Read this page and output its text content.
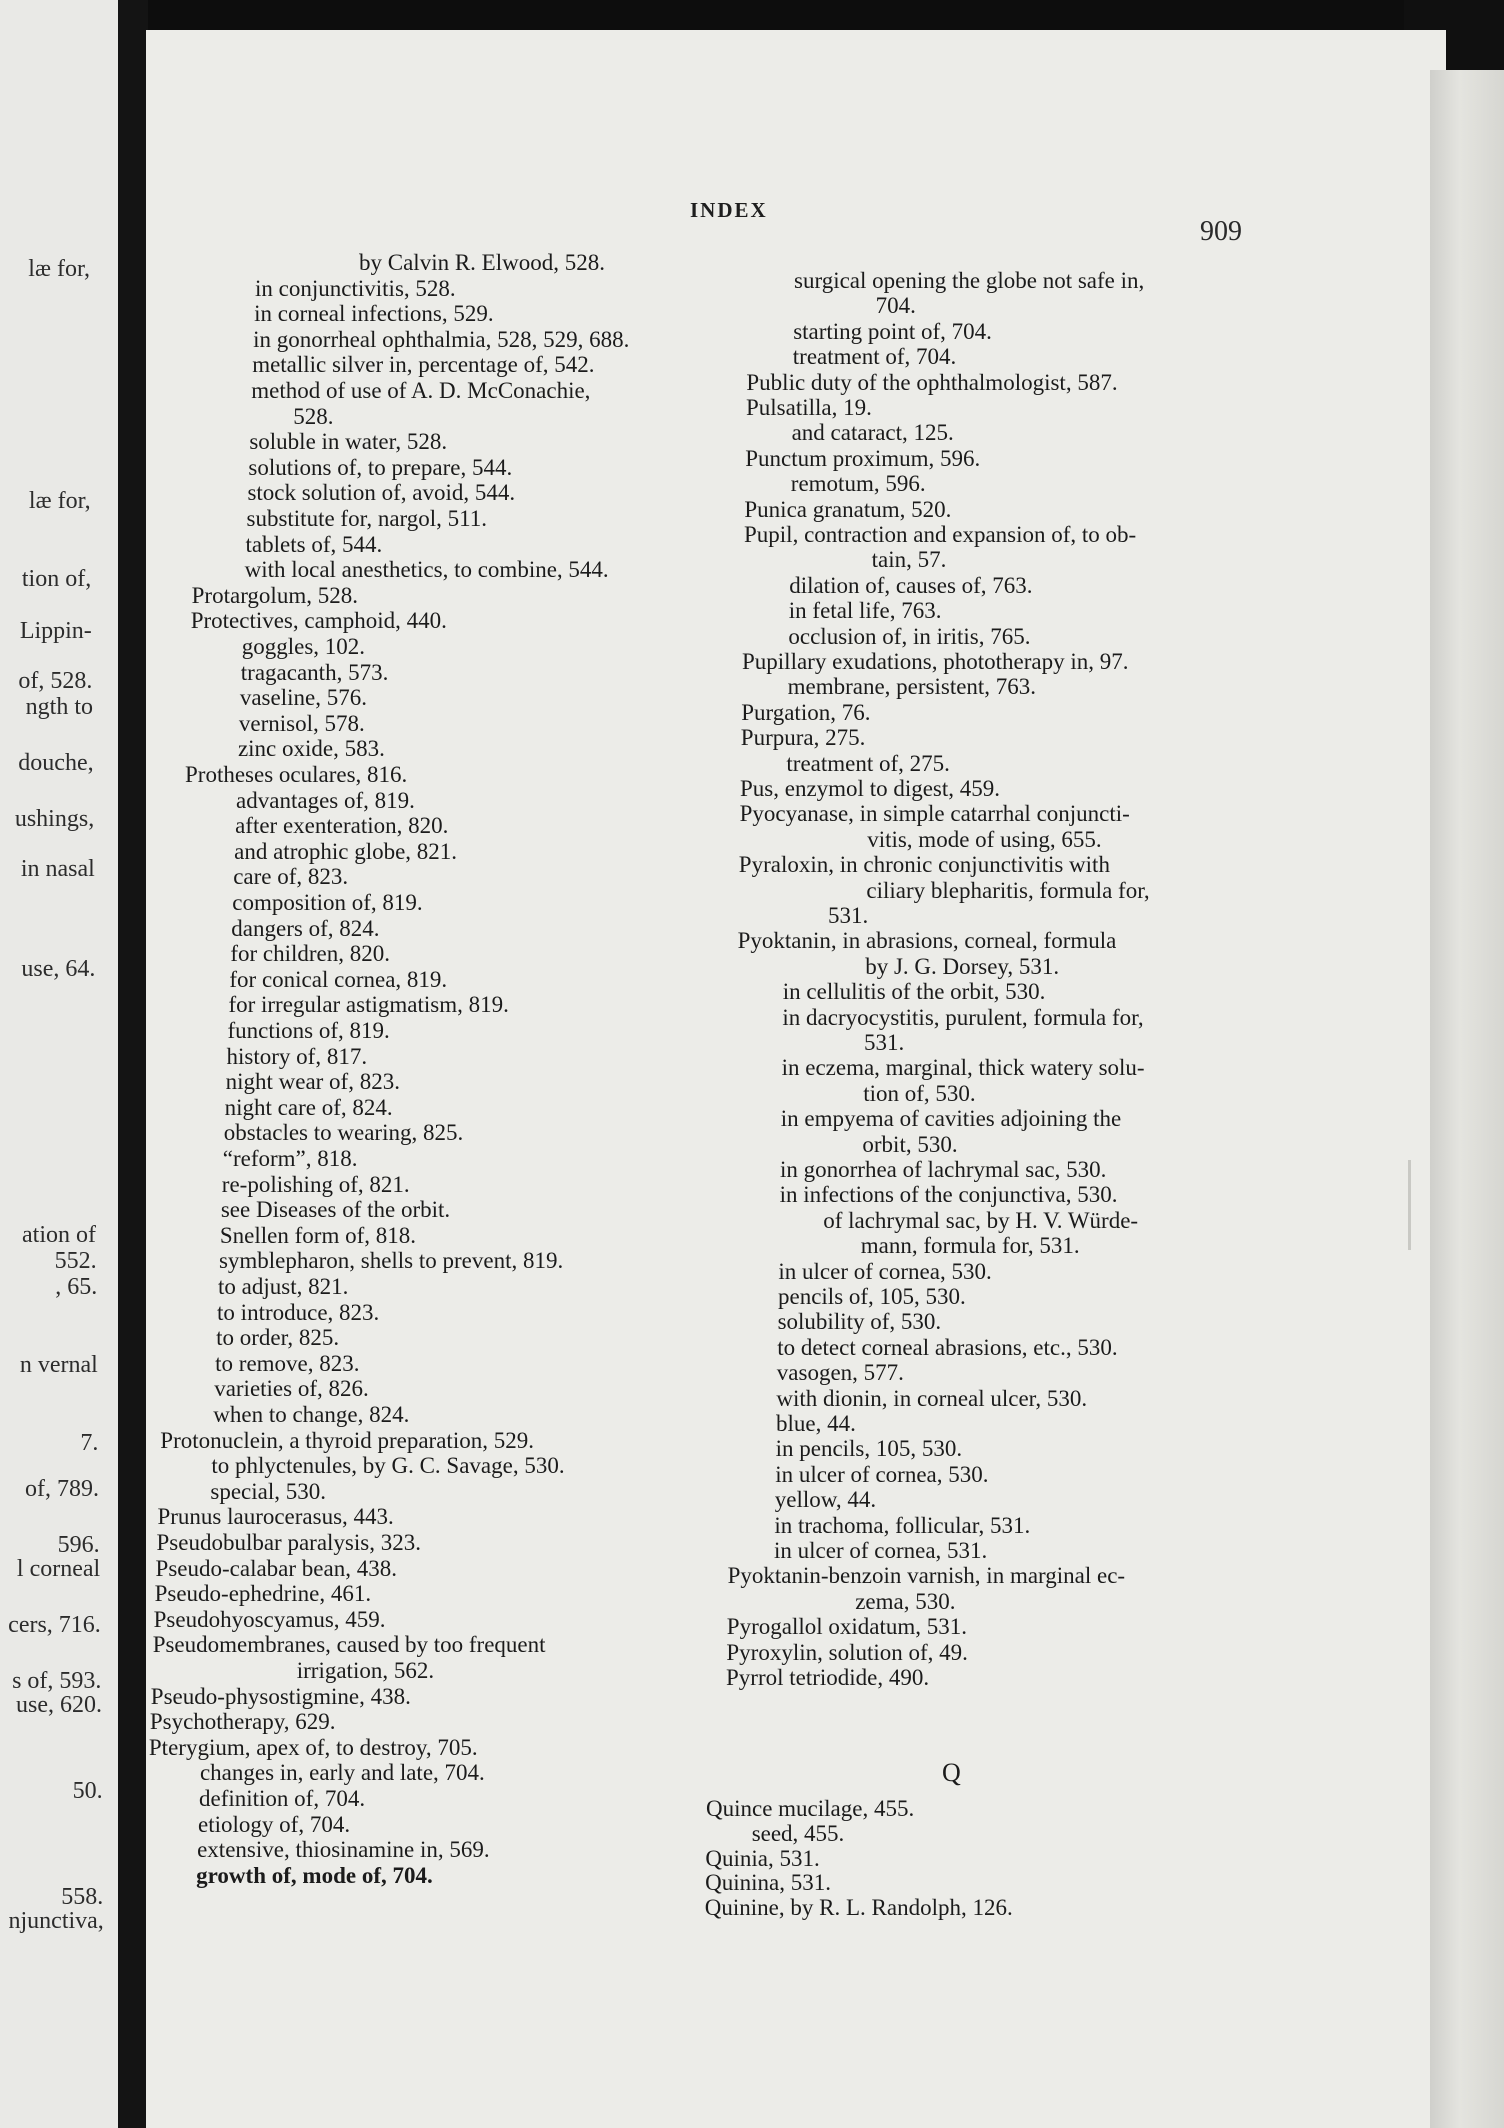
læ for,
læ for,
tion of,
Lippin-
of, 528.
ngth to
douche,
ushings,
in nasal
use, 64.
ation of
552.
, 65.
n vernal
7.
of, 789.
596.
l corneal
cers, 716.
s of, 593.
use, 620.
50.
558.
njunctiva,
INDEX
909
by Calvin R. Elwood, 528.
in conjunctivitis, 528.
in corneal infections, 529.
in gonorrheal ophthalmia, 528, 529, 688.
metallic silver in, percentage of, 542.
method of use of A. D. McConachie,
528.
soluble in water, 528.
solutions of, to prepare, 544.
stock solution of, avoid, 544.
substitute for, nargol, 511.
tablets of, 544.
with local anesthetics, to combine, 544.
Protargolum, 528.
Protectives, camphoid, 440.
goggles, 102.
tragacanth, 573.
vaseline, 576.
vernisol, 578.
zinc oxide, 583.
Protheses oculares, 816.
advantages of, 819.
after exenteration, 820.
and atrophic globe, 821.
care of, 823.
composition of, 819.
dangers of, 824.
for children, 820.
for conical cornea, 819.
for irregular astigmatism, 819.
functions of, 819.
history of, 817.
night wear of, 823.
night care of, 824.
obstacles to wearing, 825.
“reform”, 818.
re-polishing of, 821.
see Diseases of the orbit.
Snellen form of, 818.
symblepharon, shells to prevent, 819.
to adjust, 821.
to introduce, 823.
to order, 825.
to remove, 823.
varieties of, 826.
when to change, 824.
Protonuclein, a thyroid preparation, 529.
to phlyctenules, by G. C. Savage, 530.
special, 530.
Prunus laurocerasus, 443.
Pseudobulbar paralysis, 323.
Pseudo-calabar bean, 438.
Pseudo-ephedrine, 461.
Pseudohyoscyamus, 459.
Pseudomembranes, caused by too frequent
irrigation, 562.
Pseudo-physostigmine, 438.
Psychotherapy, 629.
Pterygium, apex of, to destroy, 705.
changes in, early and late, 704.
definition of, 704.
etiology of, 704.
extensive, thiosinamine in, 569.
growth of, mode of, 704.
surgical opening the globe not safe in,
704.
starting point of, 704.
treatment of, 704.
Public duty of the ophthalmologist, 587.
Pulsatilla, 19.
and cataract, 125.
Punctum proximum, 596.
remotum, 596.
Punica granatum, 520.
Pupil, contraction and expansion of, to ob-
tain, 57.
dilation of, causes of, 763.
in fetal life, 763.
occlusion of, in iritis, 765.
Pupillary exudations, phototherapy in, 97.
membrane, persistent, 763.
Purgation, 76.
Purpura, 275.
treatment of, 275.
Pus, enzymol to digest, 459.
Pyocyanase, in simple catarrhal conjuncti-
vitis, mode of using, 655.
Pyraloxin, in chronic conjunctivitis with
ciliary blepharitis, formula for,
531.
Pyoktanin, in abrasions, corneal, formula
by J. G. Dorsey, 531.
in cellulitis of the orbit, 530.
in dacryocystitis, purulent, formula for,
531.
in eczema, marginal, thick watery solu-
tion of, 530.
in empyema of cavities adjoining the
orbit, 530.
in gonorrhea of lachrymal sac, 530.
in infections of the conjunctiva, 530.
of lachrymal sac, by H. V. Würde-
mann, formula for, 531.
in ulcer of cornea, 530.
pencils of, 105, 530.
solubility of, 530.
to detect corneal abrasions, etc., 530.
vasogen, 577.
with dionin, in corneal ulcer, 530.
blue, 44.
in pencils, 105, 530.
in ulcer of cornea, 530.
yellow, 44.
in trachoma, follicular, 531.
in ulcer of cornea, 531.
Pyoktanin-benzoin varnish, in marginal ec-
zema, 530.
Pyrogallol oxidatum, 531.
Pyroxylin, solution of, 49.
Pyrrol tetriodide, 490.
Q
Quince mucilage, 455.
seed, 455.
Quinia, 531.
Quinina, 531.
Quinine, by R. L. Randolph, 126.
